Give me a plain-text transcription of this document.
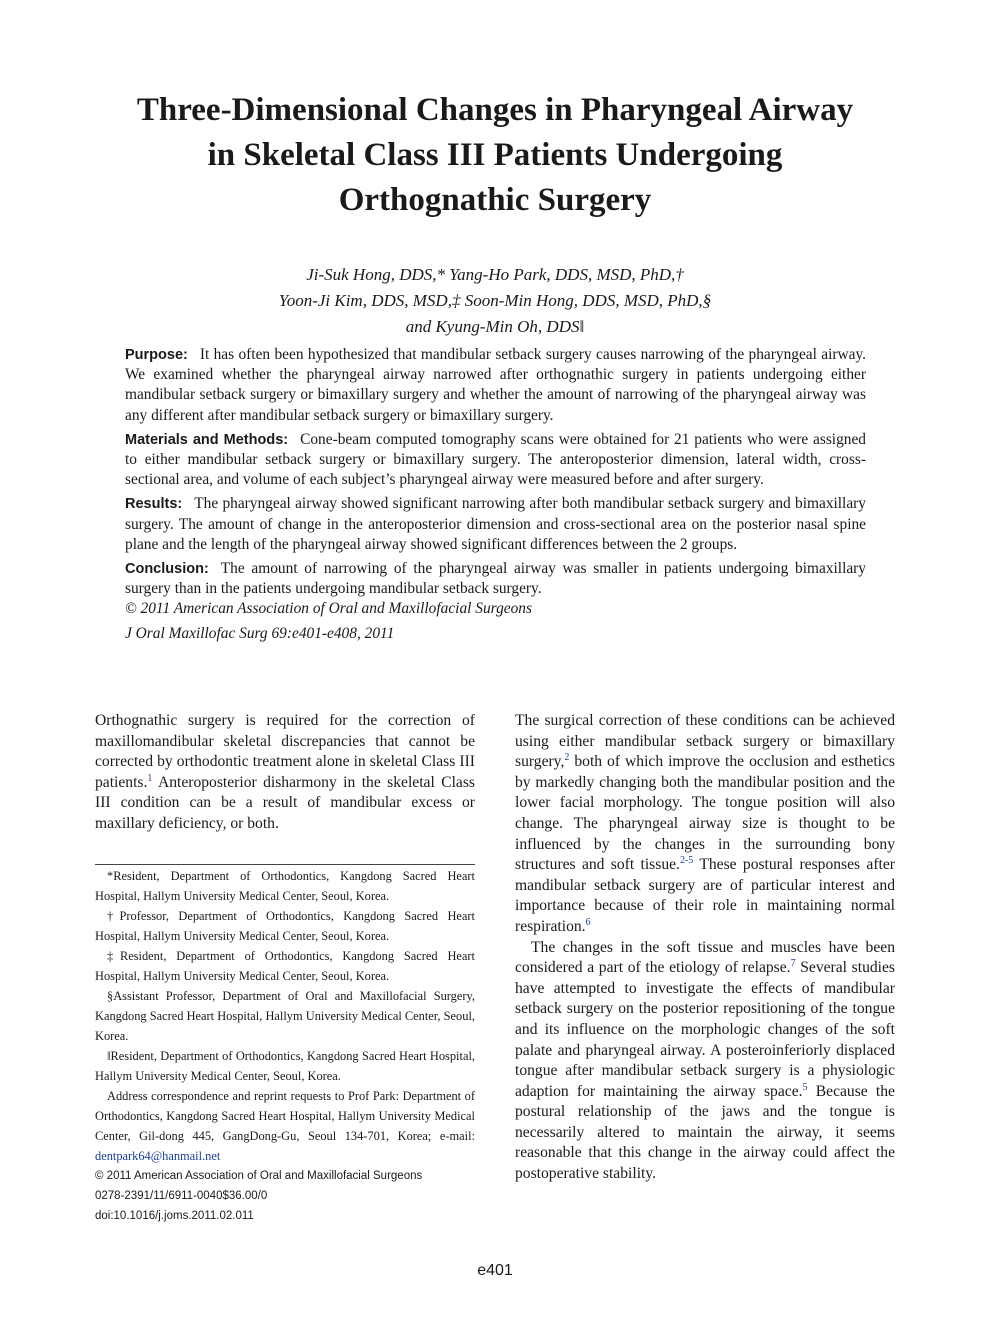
Three-Dimensional Changes in Pharyngeal Airway in Skeletal Class III Patients Undergoing Orthognathic Surgery
Ji-Suk Hong, DDS,* Yang-Ho Park, DDS, MSD, PhD,†
Yoon-Ji Kim, DDS, MSD,‡ Soon-Min Hong, DDS, MSD, PhD,§
and Kyung-Min Oh, DDS‖

Purpose: It has often been hypothesized that mandibular setback surgery causes narrowing of the pharyngeal airway. We examined whether the pharyngeal airway narrowed after orthognathic surgery in patients undergoing either mandibular setback surgery or bimaxillary surgery and whether the amount of narrowing of the pharyngeal airway was any different after mandibular setback surgery or bimaxillary surgery.

Materials and Methods: Cone-beam computed tomography scans were obtained for 21 patients who were assigned to either mandibular setback surgery or bimaxillary surgery. The anteroposterior dimension, lateral width, cross-sectional area, and volume of each subject’s pharyngeal airway were measured before and after surgery.

Results: The pharyngeal airway showed significant narrowing after both mandibular setback surgery and bimaxillary surgery. The amount of change in the anteroposterior dimension and cross-sectional area on the posterior nasal spine plane and the length of the pharyngeal airway showed significant differences between the 2 groups.

Conclusion: The amount of narrowing of the pharyngeal airway was smaller in patients undergoing bimaxillary surgery than in the patients undergoing mandibular setback surgery.

© 2011 American Association of Oral and Maxillofacial Surgeons

J Oral Maxillofac Surg 69:e401-e408, 2011

Orthognathic surgery is required for the correction of maxillomandibular skeletal discrepancies that cannot be corrected by orthodontic treatment alone in skeletal Class III patients.$^1$ Anteroposterior disharmony in the skeletal Class III condition can be a result of mandibular excess or maxillary deficiency, or both.

*Resident, Department of Orthodontics, Kangdong Sacred Heart Hospital, Hallym University Medical Center, Seoul, Korea.

†Professor, Department of Orthodontics, Kangdong Sacred Heart Hospital, Hallym University Medical Center, Seoul, Korea.

‡Resident, Department of Orthodontics, Kangdong Sacred Heart Hospital, Hallym University Medical Center, Seoul, Korea.

§Assistant Professor, Department of Oral and Maxillofacial Surgery, Kangdong Sacred Heart Hospital, Hallym University Medical Center, Seoul, Korea.

‖Resident, Department of Orthodontics, Kangdong Sacred Heart Hospital, Hallym University Medical Center, Seoul, Korea.

Address correspondence and reprint requests to Prof Park: Department of Orthodontics, Kangdong Sacred Heart Hospital, Hallym University Medical Center, Gil-dong 445, GangDong-Gu, Seoul 134-701, Korea; e-mail: dentpark64@hanmail.net

© 2011 American Association of Oral and Maxillofacial Surgeons

0278-2391/11/6911-0040$36.00/0

doi:10.1016/j.joms.2011.02.011

The surgical correction of these conditions can be achieved using either mandibular setback surgery or bimaxillary surgery,$^2$ both of which improve the occlusion and esthetics by markedly changing both the mandibular position and the lower facial morphology. The tongue position will also change. The pharyngeal airway size is thought to be influenced by the changes in the surrounding bony structures and soft tissue.$^{2-5}$ These postural responses after mandibular setback surgery are of particular interest and importance because of their role in maintaining normal respiration.$^6$

The changes in the soft tissue and muscles have been considered a part of the etiology of relapse.$^7$ Several studies have attempted to investigate the effects of mandibular setback surgery on the posterior repositioning of the tongue and its influence on the morphologic changes of the soft palate and pharyngeal airway. A posteroinferiorly displaced tongue after mandibular setback surgery is a physiologic adaption for maintaining the airway space.$^5$ Because the postural relationship of the jaws and the tongue is necessarily altered to maintain the airway, it seems reasonable that this change in the airway could affect the postoperative stability.

e401
